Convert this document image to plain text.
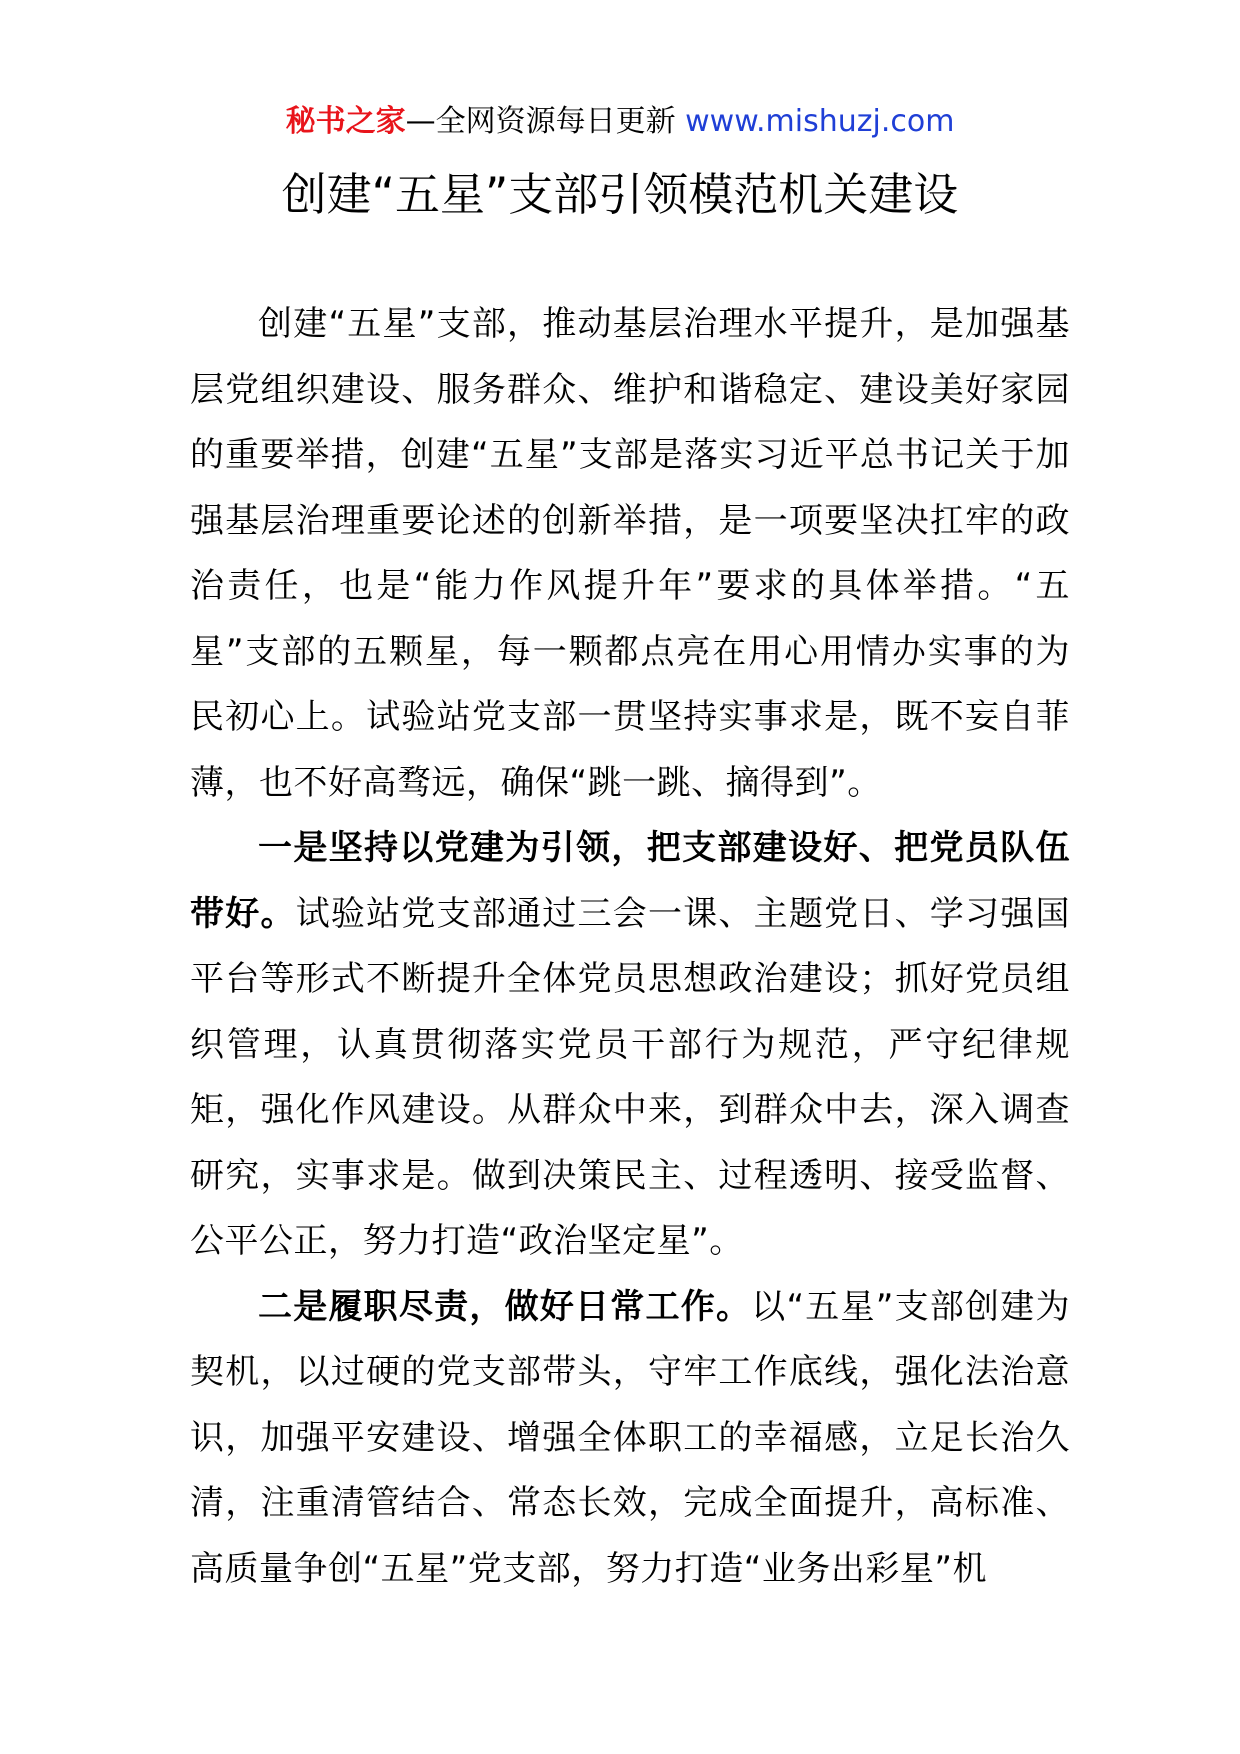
秘书之家—全网资源每日更新 www.mishuzj.com
创建“五星”支部引领模范机关建设

创建“五星”支部，推动基层治理水平提升，是加强基层党组织建设、服务群众、维护和谐稳定、建设美好家园的重要举措，创建“五星”支部是落实习近平总书记关于加强基层治理重要论述的创新举措，是一项要坚决扛牢的政治责任，也是“能力作风提升年”要求的具体举措。“五星”支部的五颗星，每一颗都点亮在用心用情办实事的为民初心上。试验站党支部一贯坚持实事求是，既不妄自菲薄，也不好高骛远，确保“跳一跳、摘得到”。

一是坚持以党建为引领，把支部建设好、把党员队伍带好。试验站党支部通过三会一课、主题党日、学习强国平台等形式不断提升全体党员思想政治建设；抓好党员组织管理，认真贯彻落实党员干部行为规范，严守纪律规矩，强化作风建设。从群众中来，到群众中去，深入调查研究，实事求是。做到决策民主、过程透明、接受监督、公平公正，努力打造“政治坚定星”。

二是履职尽责，做好日常工作。以“五星”支部创建为契机，以过硬的党支部带头，守牢工作底线，强化法治意识，加强平安建设、增强全体职工的幸福感，立足长治久清，注重清管结合、常态长效，完成全面提升，高标准、高质量争创“五星”党支部，努力打造“业务出彩星”机
